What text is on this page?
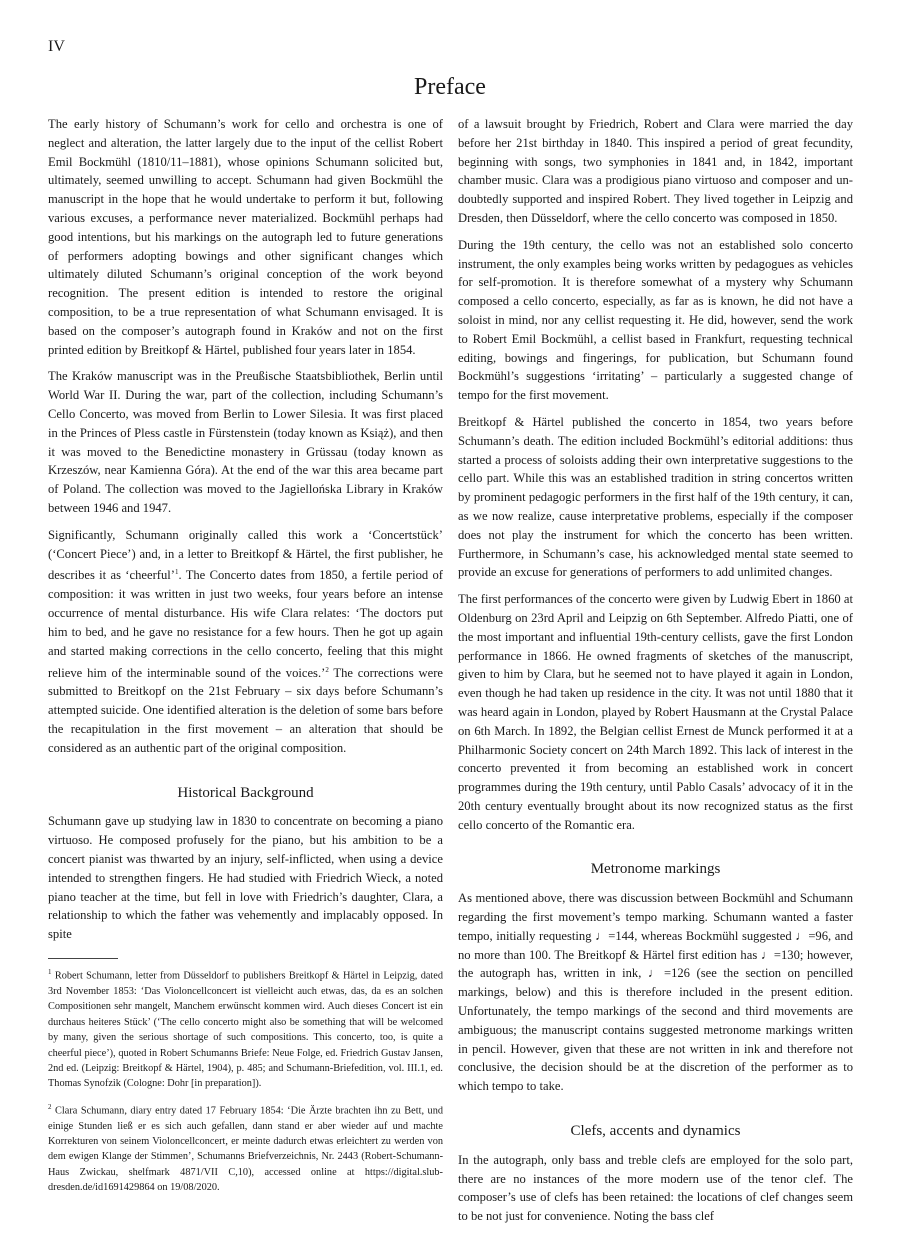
IV
Preface

The early history of Schumann’s work for cello and orchestra is one of neglect and alteration, the latter largely due to the input of the cellist Robert Emil Bockmühl (1810/11–1881), whose opinions Schumann solicited but, ultimately, seemed unwilling to accept. Schumann had given Bockmühl the manuscript in the hope that he would undertake to perform it but, following various excuses, a performance never materialized. Bockmühl perhaps had good intentions, but his markings on the autograph led to future generations of performers adopting bowings and other significant changes which ultimately diluted Schumann’s original conception of the work beyond recognition. The present edition is intended to restore the original composition, to be a true representation of what Schumann envisaged. It is based on the composer’s autograph found in Kraków and not on the first printed edition by Breitkopf & Härtel, published four years later in 1854.

The Kraków manuscript was in the Preußische Staatsbibliothek, Berlin until World War II. During the war, part of the collection, including Schumann’s Cello Concerto, was moved from Berlin to Lower Silesia. It was first placed in the Princes of Pless castle in Fürstenstein (today known as Książ), and then it was moved to the Benedictine monastery in Grüssau (today known as Krzeszów, near Kamienna Góra). At the end of the war this area became part of Poland. The collection was moved to the Jagiellońska Library in Kraków between 1946 and 1947.

Significantly, Schumann originally called this work a ‘Concertstück’ (‘Concert Piece’) and, in a letter to Breitkopf & Härtel, the first publisher, he describes it as ‘cheerful’$^1$. The Concerto dates from 1850, a fertile period of composition: it was written in just two weeks, four years before an intense occurrence of mental disturbance. His wife Clara relates: ‘The doctors put him to bed, and he gave no resistance for a few hours. Then he got up again and started making corrections in the cello concerto, feeling that this might relieve him of the interminable sound of the voices.’$^2$ The corrections were submitted to Breitkopf on the 21st February – six days before Schumann’s attempted suicide. One identified alteration is the deletion of some bars before the recapitulation in the first movement – an alteration that should be considered as an authentic part of the original composition.

Historical Background

Schumann gave up studying law in 1830 to concentrate on becoming a piano virtuoso. He composed profusely for the piano, but his ambition to be a concert pianist was thwarted by an injury, self-inflicted, when using a device intended to strengthen fingers. He had studied with Friedrich Wieck, a noted piano teacher at the time, but fell in love with Friedrich’s daughter, Clara, a relationship to which the father was vehemently and implacably opposed. In spite

$^1$ Robert Schumann, letter from Düsseldorf to publishers Breitkopf & Härtel in Leipzig, dated 3rd November 1853: ‘Das Violoncellconcert ist vielleicht auch etwas, das, da es an solchen Compositionen sehr mangelt, Manchem erwünscht kommen wird. Auch dieses Concert ist ein durchaus heiteres Stück’ (‘The cello concerto might also be something that will be welcomed by many, given the serious shortage of such compositions. This concerto, too, is quite a cheerful piece’), quoted in Robert Schumanns Briefe: Neue Folge, ed. Friedrich Gustav Jansen, 2nd ed. (Leipzig: Breitkopf & Härtel, 1904), p. 485; and Schumann-Briefedition, vol. III.1, ed. Thomas Synofzik (Cologne: Dohr [in preparation]).

$^2$ Clara Schumann, diary entry dated 17 February 1854: ‘Die Ärzte brachten ihn zu Bett, und einige Stunden ließ er es sich auch gefallen, dann stand er aber wieder auf und machte Korrekturen von seinem Violoncellconcert, er meinte dadurch etwas erleichtert zu werden von dem ewigen Klange der Stimmen’, Schumanns Briefverzeichnis, Nr. 2443 (Robert-Schumann-Haus Zwickau, shelfmark 4871/VII C,10), accessed online at https://digital.slub-dresden.de/id1691429864 on 19/08/2020.

of a lawsuit brought by Friedrich, Robert and Clara were married the day before her 21st birthday in 1840. This inspired a period of great fecundity, beginning with songs, two symphonies in 1841 and, in 1842, important chamber music. Clara was a prodigious piano virtuoso and composer and un-doubtedly supported and inspired Robert. They lived together in Leipzig and Dresden, then Düsseldorf, where the cello concerto was composed in 1850.

During the 19th century, the cello was not an established solo concerto instrument, the only examples being works written by pedagogues as vehicles for self-promotion. It is therefore somewhat of a mystery why Schumann composed a cello concerto, especially, as far as is known, he did not have a soloist in mind, nor any cellist requesting it. He did, however, send the work to Robert Emil Bockmühl, a cellist based in Frankfurt, requesting technical editing, bowings and fingerings, for publication, but Schumann found Bockmühl’s suggestions ‘irritating’ – particularly a suggested change of tempo for the first movement.

Breitkopf & Härtel published the concerto in 1854, two years before Schumann’s death. The edition included Bockmühl’s editorial additions: thus started a process of soloists adding their own interpretative suggestions to the cello part. While this was an established tradition in string concertos written by prominent pedagogic performers in the first half of the 19th century, it can, as we now realize, cause interpretative problems, especially if the composer does not play the instrument for which the concerto has been written. Furthermore, in Schumann’s case, his acknowledged mental state seemed to provide an excuse for generations of performers to add unlimited changes.

The first performances of the concerto were given by Ludwig Ebert in 1860 at Oldenburg on 23rd April and Leipzig on 6th September. Alfredo Piatti, one of the most important and influential 19th-century cellists, gave the first London performance in 1866. He owned fragments of sketches of the manuscript, given to him by Clara, but he seemed not to have played it again in London, even though he had taken up residence in the city. It was not until 1880 that it was heard again in London, played by Robert Hausmann at the Crystal Palace on 6th March. In 1892, the Belgian cellist Ernest de Munck performed it at a Philharmonic Society concert on 24th March 1892. This lack of interest in the concerto prevented it from becoming an established work in concert programmes during the 19th century, until Pablo Casals’ advocacy of it in the 20th century eventually brought about its now recognized status as the first cello concerto of the Romantic era.

Metronome markings

As mentioned above, there was discussion between Bockmühl and Schumann regarding the first movement’s tempo marking. Schumann wanted a faster tempo, initially requesting ♩=144, whereas Bockmühl suggested ♩=96, and no more than 100. The Breitkopf & Härtel first edition has ♩=130; however, the autograph has, written in ink, ♩=126 (see the section on pencilled markings, below) and this is therefore included in the present edition. Unfortunately, the tempo markings of the second and third movements are ambiguous; the manuscript contains suggested metronome markings written in pencil. However, given that these are not written in ink and therefore not conclusive, the decision should be at the discretion of the performer as to which tempo to take.

Clefs, accents and dynamics

In the autograph, only bass and treble clefs are employed for the solo part, there are no instances of the more modern use of the tenor clef. The composer’s use of clefs has been retained: the locations of clef changes seem to be not just for convenience. Noting the bass clef
